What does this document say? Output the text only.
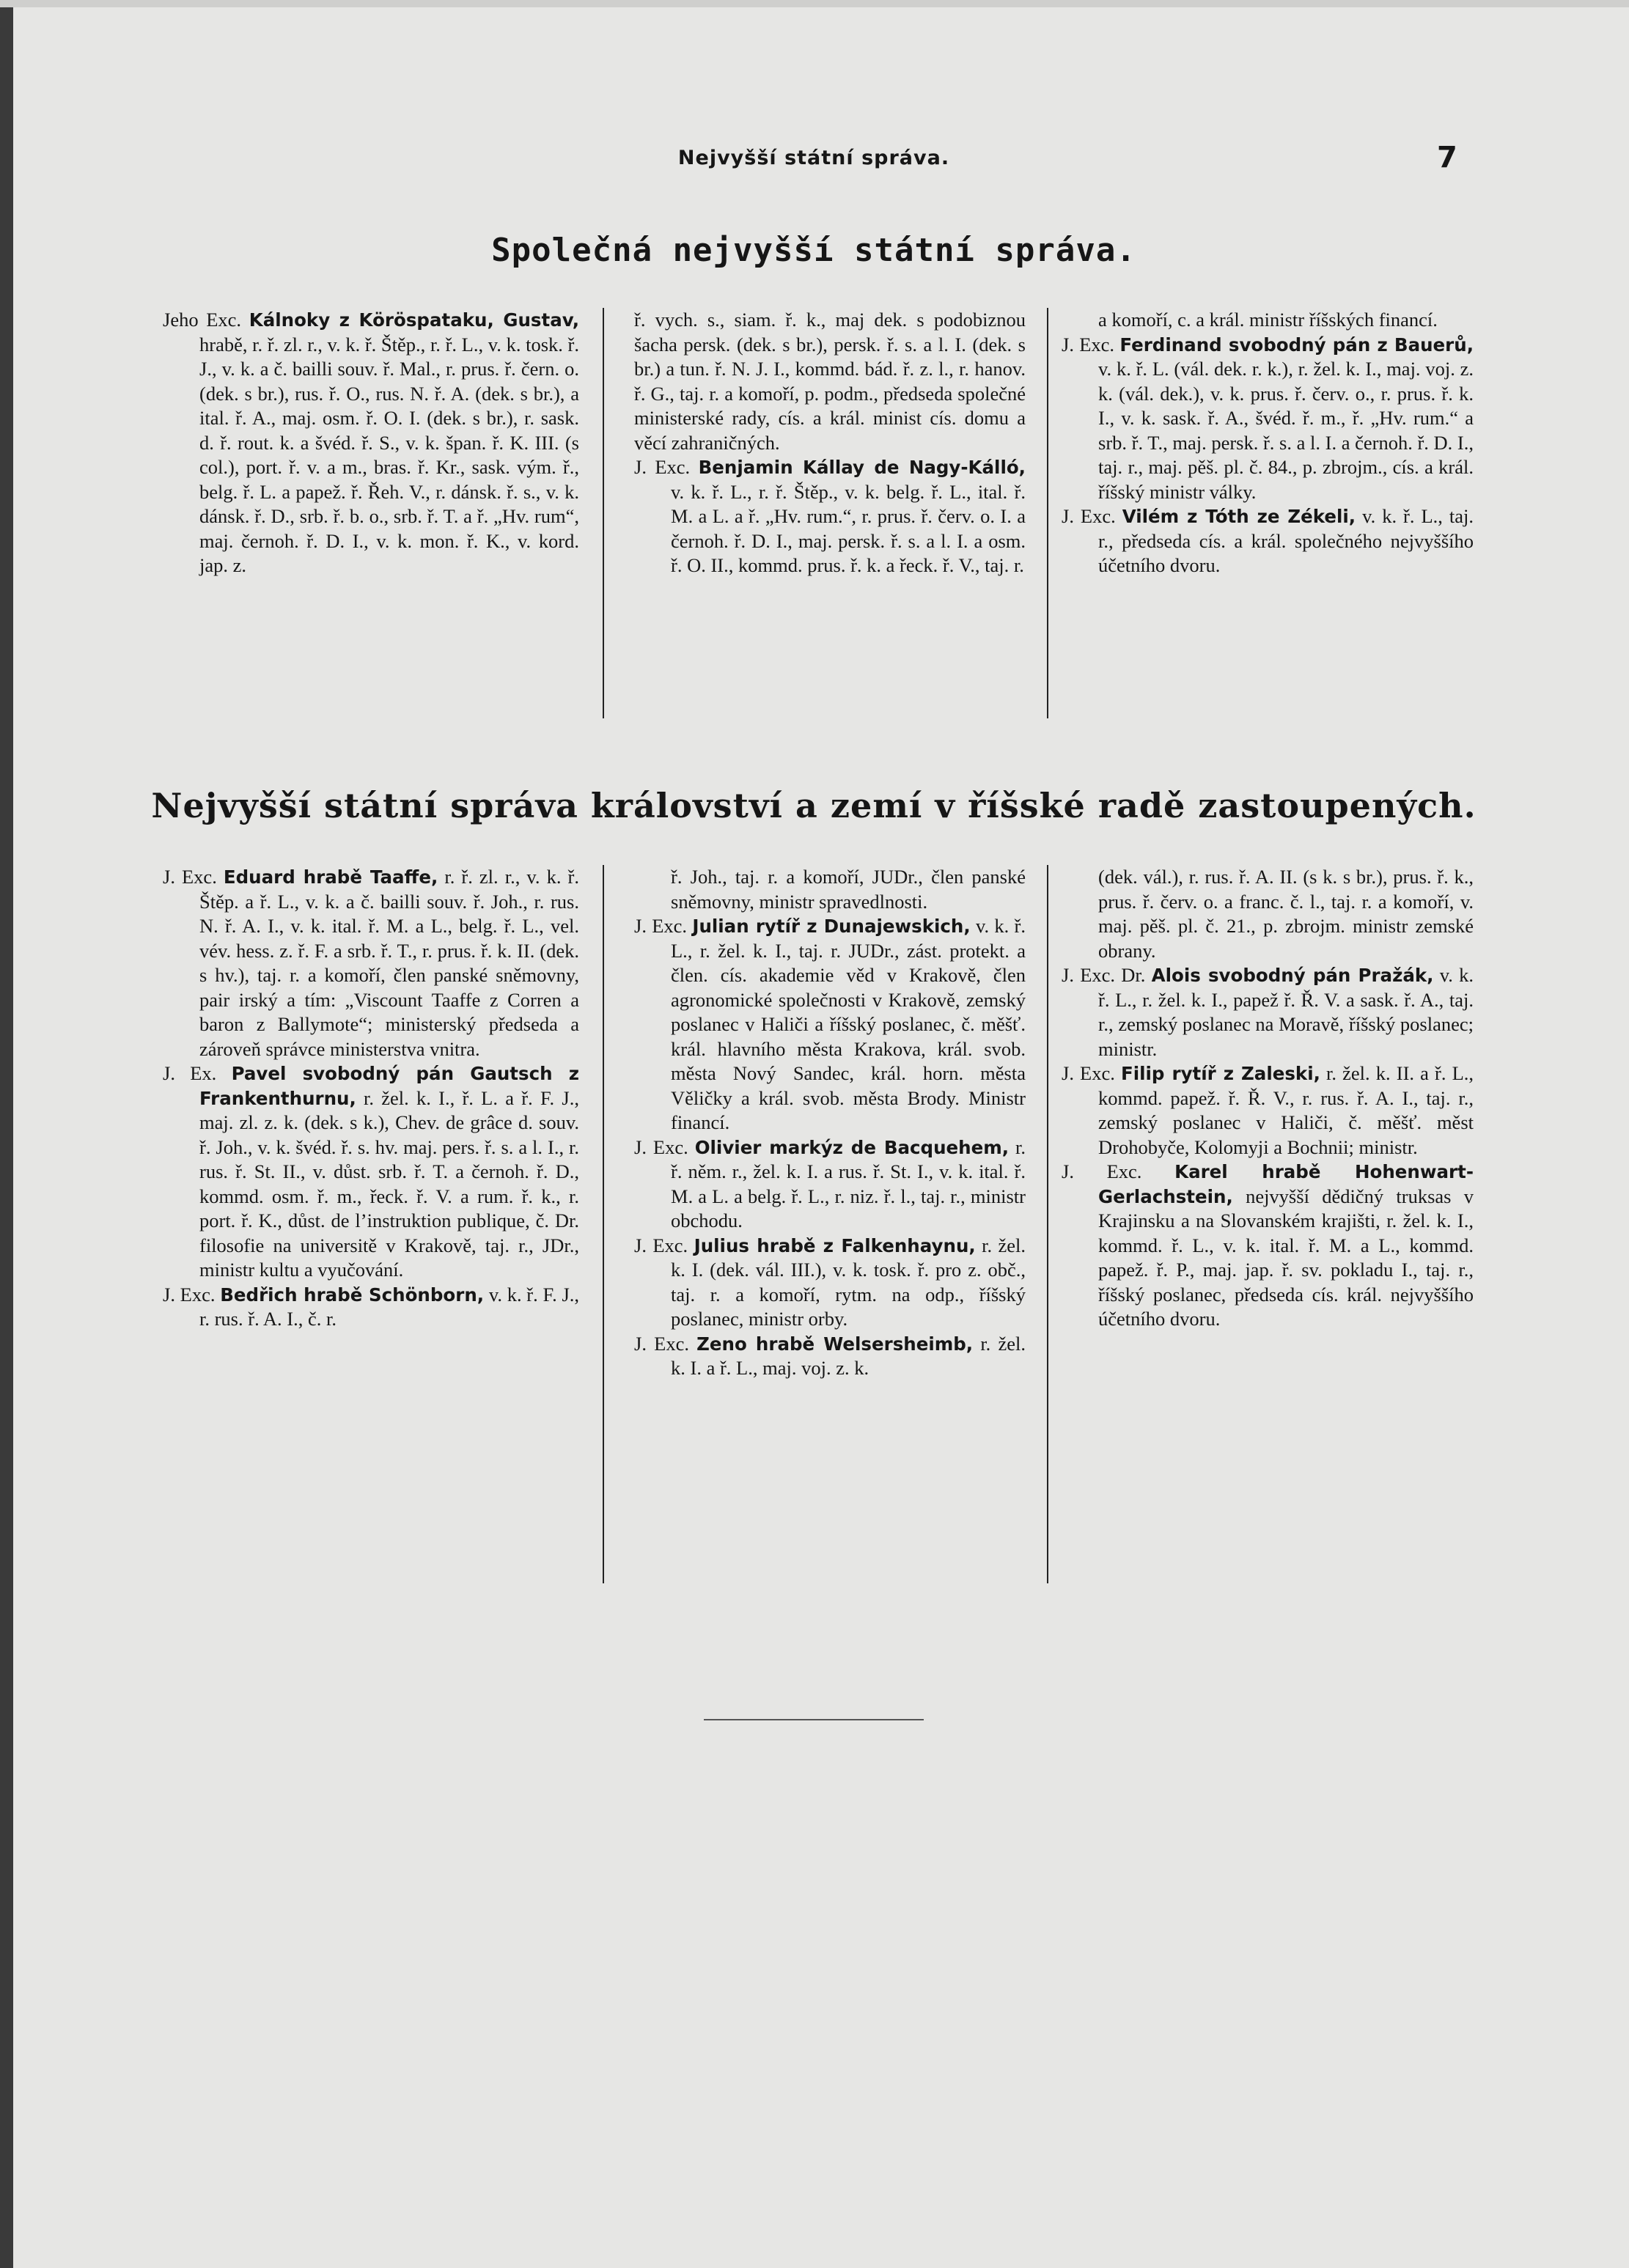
Nejvyšší státní správa.	7
Společná nejvyšší státní správa.

Jeho Exc. Kálnoky z Köröspataku, Gustav, hrabě, r. ř. zl. r., v. k. ř. Štěp., r. ř. L., v. k. tosk. ř. J., v. k. a č. bailli souv. ř. Mal., r. prus. ř. čern. o. (dek. s br.), rus. ř. O., rus. N. ř. A. (dek. s br.), a ital. ř. A., maj. osm. ř. O. I. (dek. s br.), r. sask. d. ř. rout. k. a švéd. ř. S., v. k. špan. ř. K. III. (s col.), port. ř. v. a m., bras. ř. Kr., sask. vým. ř., belg. ř. L. a papež. ř. Řeh. V., r. dánsk. ř. s., v. k. dánsk. ř. D., srb. ř. b. o., srb. ř. T. a ř. „Hv. rum“, maj. černoh. ř. D. I., v. k. mon. ř. K., v. kord. jap. z.

ř. vych. s., siam. ř. k., maj dek. s podobiznou šacha persk. (dek. s br.), persk. ř. s. a l. I. (dek. s br.) a tun. ř. N. J. I., kommd. bád. ř. z. l., r. hanov. ř. G., taj. r. a komoří, p. podm., předseda společné ministerské rady, cís. a král. minist cís. domu a věcí zahraničných.

J. Exc. Benjamin Kállay de Nagy-Kálló, v. k. ř. L., r. ř. Štěp., v. k. belg. ř. L., ital. ř. M. a L. a ř. „Hv. rum.“, r. prus. ř. červ. o. I. a černoh. ř. D. I., maj. persk. ř. s. a l. I. a osm. ř. O. II., kommd. prus. ř. k. a řeck. ř. V., taj. r.

a komoří, c. a král. ministr říšských financí.

J. Exc. Ferdinand svobodný pán z Bauerů, v. k. ř. L. (vál. dek. r. k.), r. žel. k. I., maj. voj. z. k. (vál. dek.), v. k. prus. ř. červ. o., r. prus. ř. k. I., v. k. sask. ř. A., švéd. ř. m., ř. „Hv. rum.“ a srb. ř. T., maj. persk. ř. s. a l. I. a černoh. ř. D. I., taj. r., maj. pěš. pl. č. 84., p. zbrojm., cís. a král. říšský ministr války.

J. Exc. Vilém z Tóth ze Zékeli, v. k. ř. L., taj. r., předseda cís. a král. společného nejvyššího účetního dvoru.

Nejvyšší státní správa království a zemí v říšské radě zastoupených.

J. Exc. Eduard hrabě Taaffe, r. ř. zl. r., v. k. ř. Štěp. a ř. L., v. k. a č. bailli souv. ř. Joh., r. rus. N. ř. A. I., v. k. ital. ř. M. a L., belg. ř. L., vel. vév. hess. z. ř. F. a srb. ř. T., r. prus. ř. k. II. (dek. s hv.), taj. r. a komoří, člen panské sněmovny, pair irský a tím: „Viscount Taaffe z Corren a baron z Ballymote“; ministerský předseda a zároveň správce ministerstva vnitra.

J. Ex. Pavel svobodný pán Gautsch z Frankenthurnu, r. žel. k. I., ř. L. a ř. F. J., maj. zl. z. k. (dek. s k.), Chev. de grâce d. souv. ř. Joh., v. k. švéd. ř. s. hv. maj. pers. ř. s. a l. I., r. rus. ř. St. II., v. důst. srb. ř. T. a černoh. ř. D., kommd. osm. ř. m., řeck. ř. V. a rum. ř. k., r. port. ř. K., důst. de l’instruktion publique, č. Dr. filosofie na universitě v Krakově, taj. r., JDr., ministr kultu a vyučování.

J. Exc. Bedřich hrabě Schönborn, v. k. ř. F. J., r. rus. ř. A. I., č. r.

ř. Joh., taj. r. a komoří, JUDr., člen panské sněmovny, ministr spravedlnosti.

J. Exc. Julian rytíř z Dunajewskich, v. k. ř. L., r. žel. k. I., taj. r. JUDr., zást. protekt. a člen. cís. akademie věd v Krakově, člen agronomické společnosti v Krakově, zemský poslanec v Haliči a říšský poslanec, č. měšť. král. hlavního města Krakova, král. svob. města Nový Sandec, král. horn. města Věličky a král. svob. města Brody. Ministr financí.

J. Exc. Olivier markýz de Bacquehem, r. ř. něm. r., žel. k. I. a rus. ř. St. I., v. k. ital. ř. M. a L. a belg. ř. L., r. niz. ř. l., taj. r., ministr obchodu.

J. Exc. Julius hrabě z Falkenhaynu, r. žel. k. I. (dek. vál. III.), v. k. tosk. ř. pro z. obč., taj. r. a komoří, rytm. na odp., říšský poslanec, ministr orby.

J. Exc. Zeno hrabě Welsersheimb, r. žel. k. I. a ř. L., maj. voj. z. k.

(dek. vál.), r. rus. ř. A. II. (s k. s br.), prus. ř. k., prus. ř. červ. o. a franc. č. l., taj. r. a komoří, v. maj. pěš. pl. č. 21., p. zbrojm. ministr zemské obrany.

J. Exc. Dr. Alois svobodný pán Pražák, v. k. ř. L., r. žel. k. I., papež ř. Ř. V. a sask. ř. A., taj. r., zemský poslanec na Moravě, říšský poslanec; ministr.

J. Exc. Filip rytíř z Zaleski, r. žel. k. II. a ř. L., kommd. papež. ř. Ř. V., r. rus. ř. A. I., taj. r., zemský poslanec v Haliči, č. měšť. měst Drohobyče, Kolomyji a Bochnii; ministr.

J. Exc. Karel hrabě Hohenwart-Gerlachstein, nejvyšší dědičný truksas v Krajinsku a na Slovanském krajišti, r. žel. k. I., kommd. ř. L., v. k. ital. ř. M. a L., kommd. papež. ř. P., maj. jap. ř. sv. pokladu I., taj. r., říšský poslanec, předseda cís. král. nejvyššího účetního dvoru.
